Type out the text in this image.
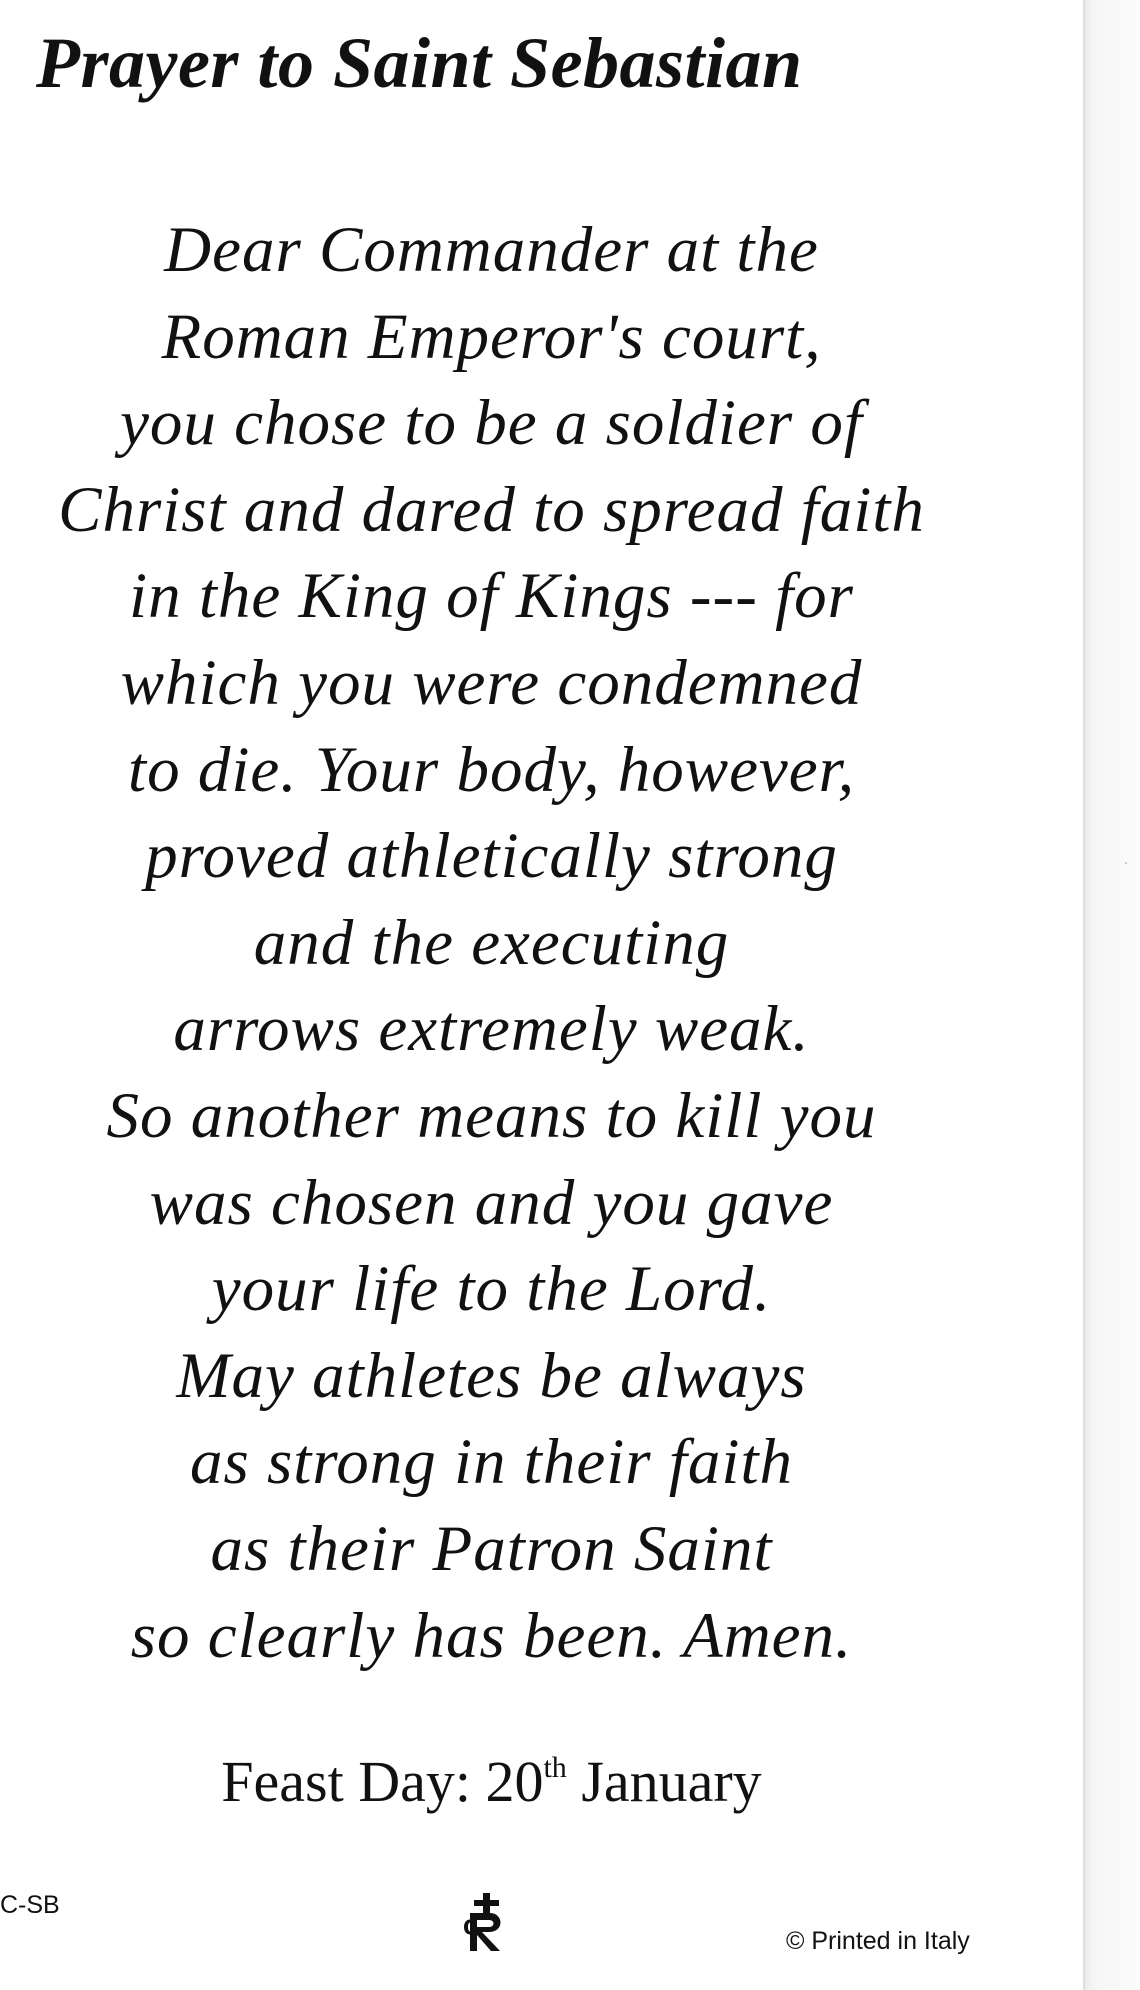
Prayer to Saint Sebastian
Dear Commander at the
Roman Emperor's court,
you chose to be a soldier of
Christ and dared to spread faith
in the King of Kings --- for
which you were condemned
to die. Your body, however,
proved athletically strong
and the executing
arrows extremely weak.
So another means to kill you
was chosen and you gave
your life to the Lord.
May athletes be always
as strong in their faith
as their Patron Saint
so clearly has been. Amen.
Feast Day: 20th January
C-SB
© Printed in Italy
